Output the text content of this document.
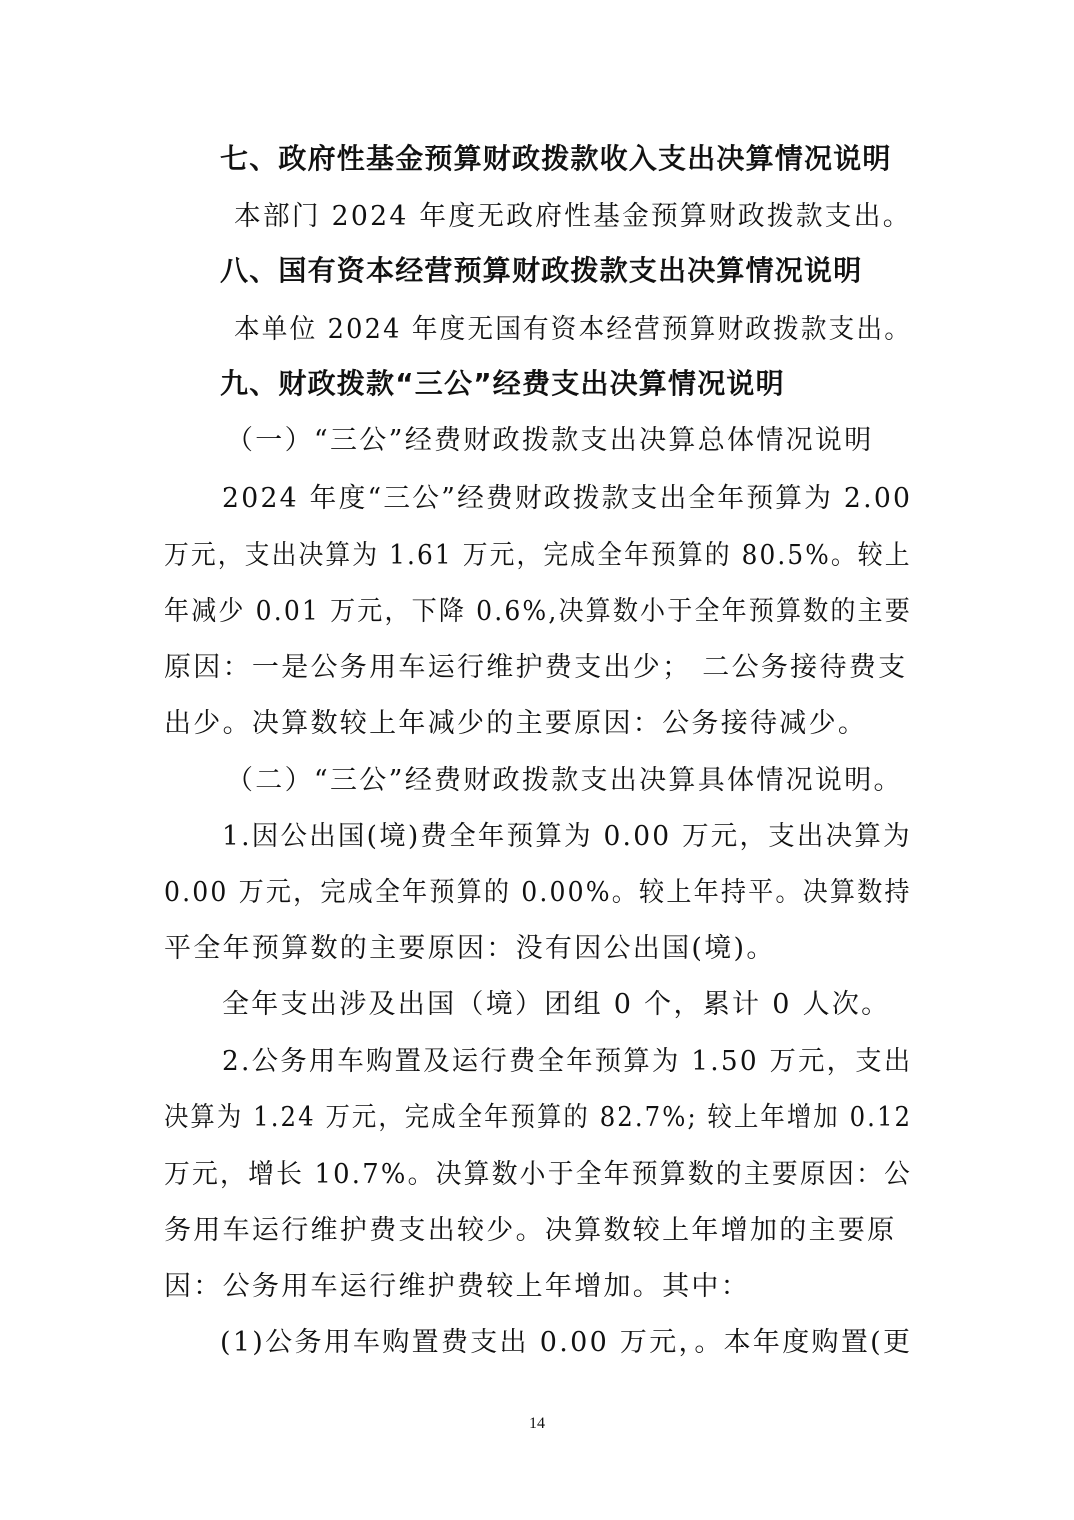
七、政府性基金预算财政拨款收入支出决算情况说明
本部门 2024 年度无政府性基金预算财政拨款支出。
八、国有资本经营预算财政拨款支出决算情况说明
本单位 2024 年度无国有资本经营预算财政拨款支出。
九、财政拨款“三公”经费支出决算情况说明
（一）“三公”经费财政拨款支出决算总体情况说明
2024 年度“三公”经费财政拨款支出全年预算为 2.00
万元，支出决算为 1.61 万元，完成全年预算的 80.5%。较上
年减少 0.01 万元，下降 0.6%,决算数小于全年预算数的主要
原因：一是公务用车运行维护费支出少； 二公务接待费支
出少。决算数较上年减少的主要原因：公务接待减少。
（二）“三公”经费财政拨款支出决算具体情况说明。
1.因公出国(境)费全年预算为 0.00 万元，支出决算为
0.00 万元，完成全年预算的 0.00%。较上年持平。决算数持
平全年预算数的主要原因：没有因公出国(境)。
全年支出涉及出国（境）团组 0 个，累计 0 人次。
2.公务用车购置及运行费全年预算为 1.50 万元，支出
决算为 1.24 万元，完成全年预算的 82.7%; 较上年增加 0.12
万元，增长 10.7%。决算数小于全年预算数的主要原因：公
务用车运行维护费支出较少。决算数较上年增加的主要原
因：公务用车运行维护费较上年增加。其中：
(1)公务用车购置费支出 0.00 万元，。本年度购置(更
14
